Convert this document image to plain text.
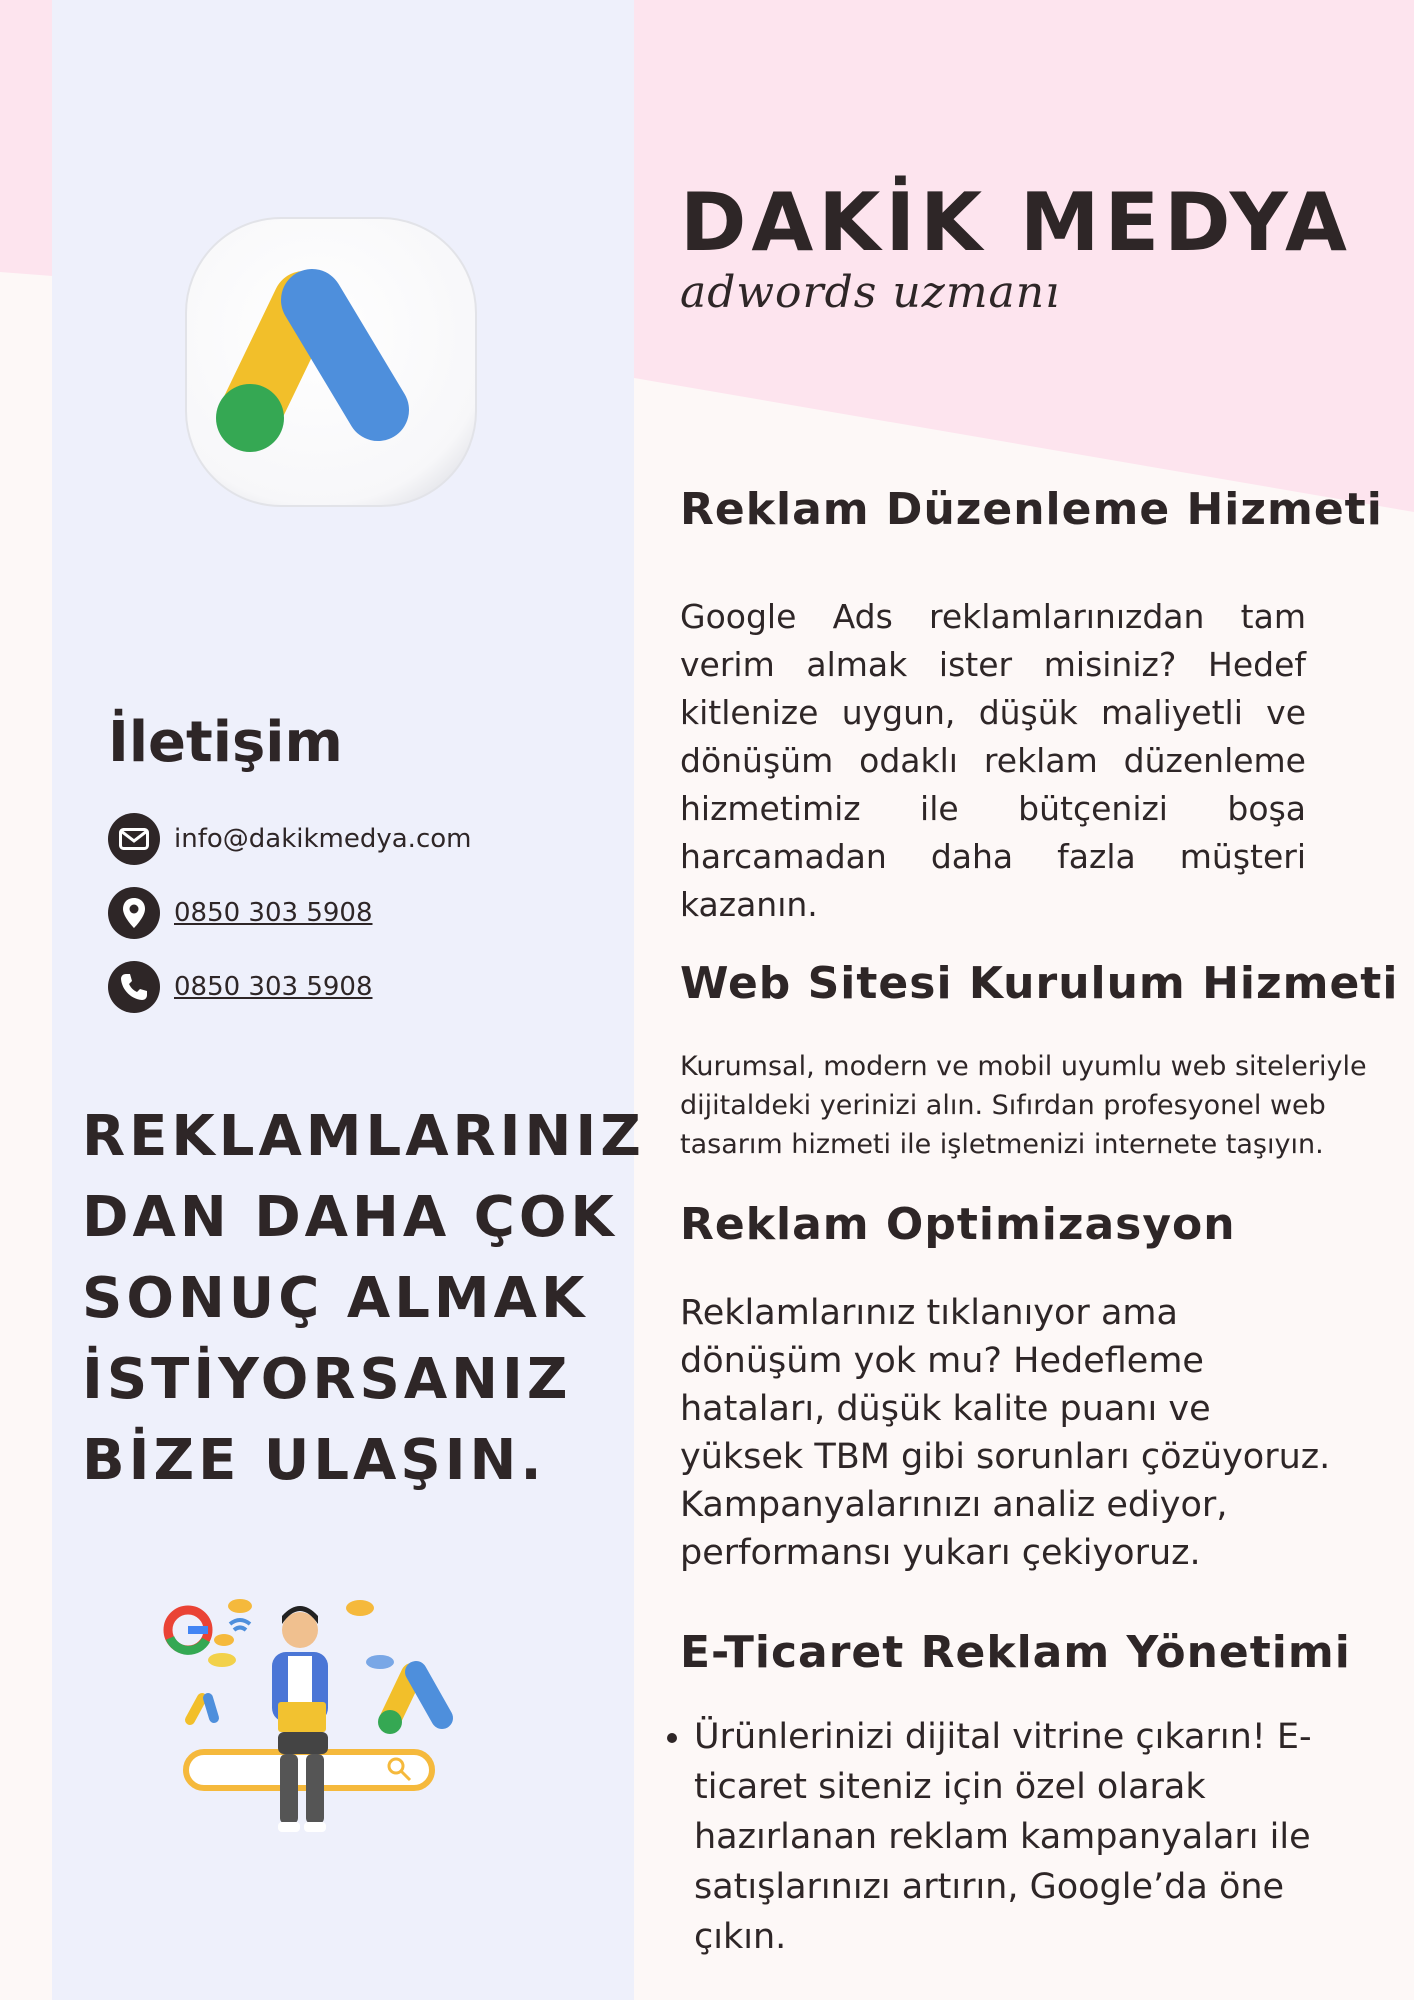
DAKİK MEDYA

adwords uzmanı

İletişim
info@dakikmedya.com
0850 303 5908
0850 303 5908
REKLAMLARINIZ
DAN DAHA ÇOK
SONUÇ ALMAK
İSTİYORSANIZ
BİZE ULAŞIN.
Reklam Düzenleme Hizmeti

Google Ads reklamlarınızdan tam verim almak ister misiniz? Hedef kitlenize uygun, düşük maliyetli ve dönüşüm odaklı reklam düzenleme hizmetimiz ile bütçenizi boşa harcamadan daha fazla müşteri kazanın.

Web Sitesi Kurulum Hizmeti

Kurumsal, modern ve mobil uyumlu web siteleriyle dijitaldeki yerinizi alın. Sıfırdan profesyonel web tasarım hizmeti ile işletmenizi internete taşıyın.

Reklam Optimizasyon

Reklamlarınız tıklanıyor ama dönüşüm yok mu? Hedefleme hataları, düşük kalite puanı ve yüksek TBM gibi sorunları çözüyoruz. Kampanyalarınızı analiz ediyor, performansı yukarı çekiyoruz.

E-Ticaret Reklam Yönetimi
• Ürünlerinizi dijital vitrine çıkarın! E-ticaret siteniz için özel olarak hazırlanan reklam kampanyaları ile satışlarınızı artırın, Google’da öne çıkın.
